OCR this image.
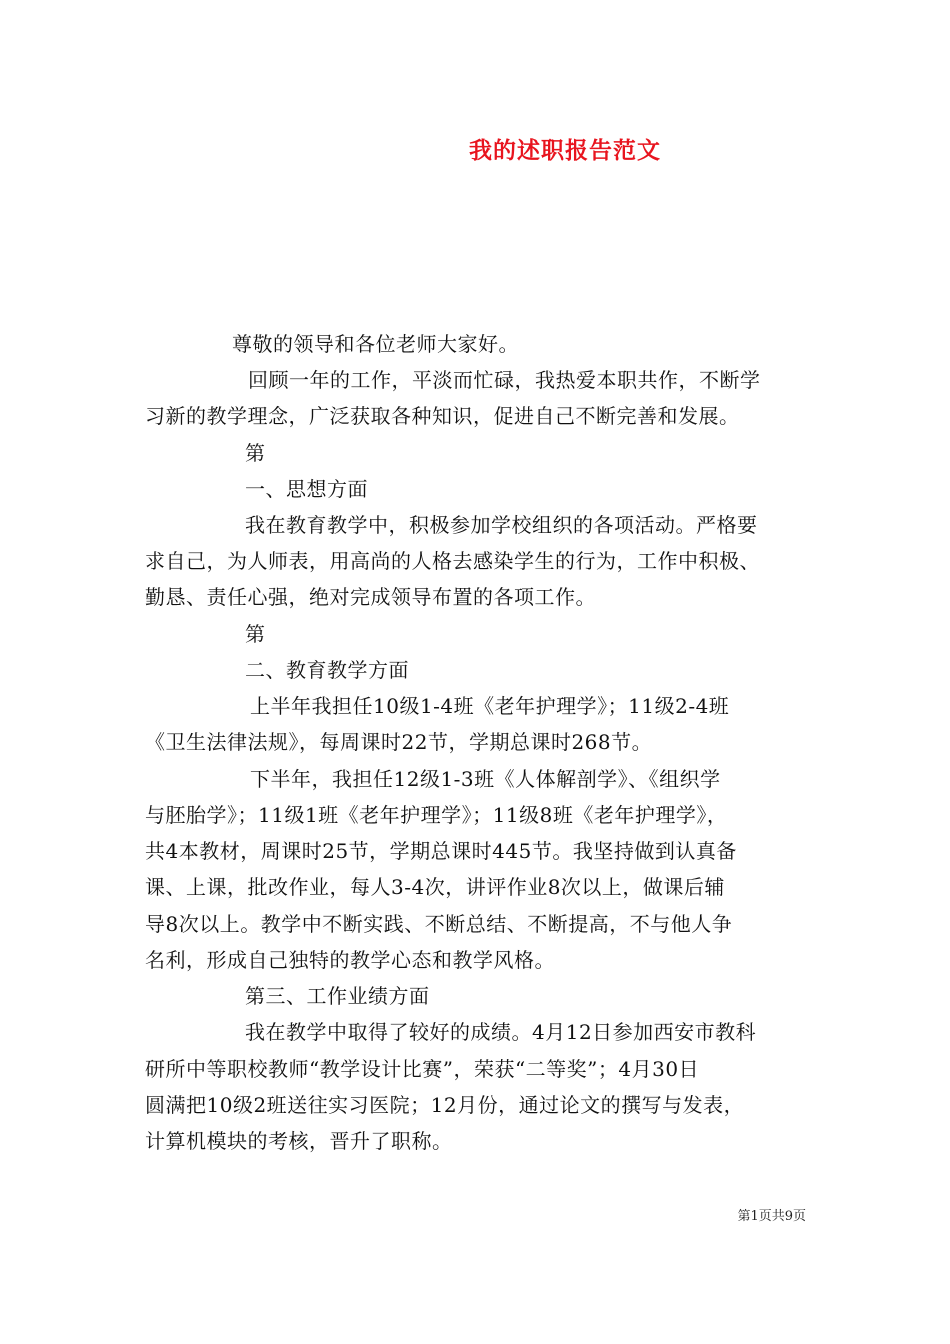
我的述职报告范文
尊敬的领导和各位老师大家好。
回顾一年的工作，平淡而忙碌，我热爱本职共作，不断学
习新的教学理念，广泛获取各种知识，促进自己不断完善和发展。
第
一、思想方面
我在教育教学中，积极参加学校组织的各项活动。严格要
求自己，为人师表，用高尚的人格去感染学生的行为，工作中积极、
勤恳、责任心强，绝对完成领导布置的各项工作。
第
二、教育教学方面
上半年我担任10级1-4班《老年护理学》；11级2-4班
《卫生法律法规》，每周课时22节，学期总课时268节。
下半年，我担任12级1-3班《人体解剖学》、《组织学
与胚胎学》；11级1班《老年护理学》；11级8班《老年护理学》，
共4本教材，周课时25节，学期总课时445节。我坚持做到认真备
课、上课，批改作业，每人3-4次，讲评作业8次以上，做课后辅
导8次以上。教学中不断实践、不断总结、不断提高，不与他人争
名利，形成自己独特的教学心态和教学风格。
第三、工作业绩方面
我在教学中取得了较好的成绩。4月12日参加西安市教科
研所中等职校教师“教学设计比赛”，荣获“二等奖”；4月30日
圆满把10级2班送往实习医院；12月份，通过论文的撰写与发表，
计算机模块的考核，晋升了职称。
第1页共9页
